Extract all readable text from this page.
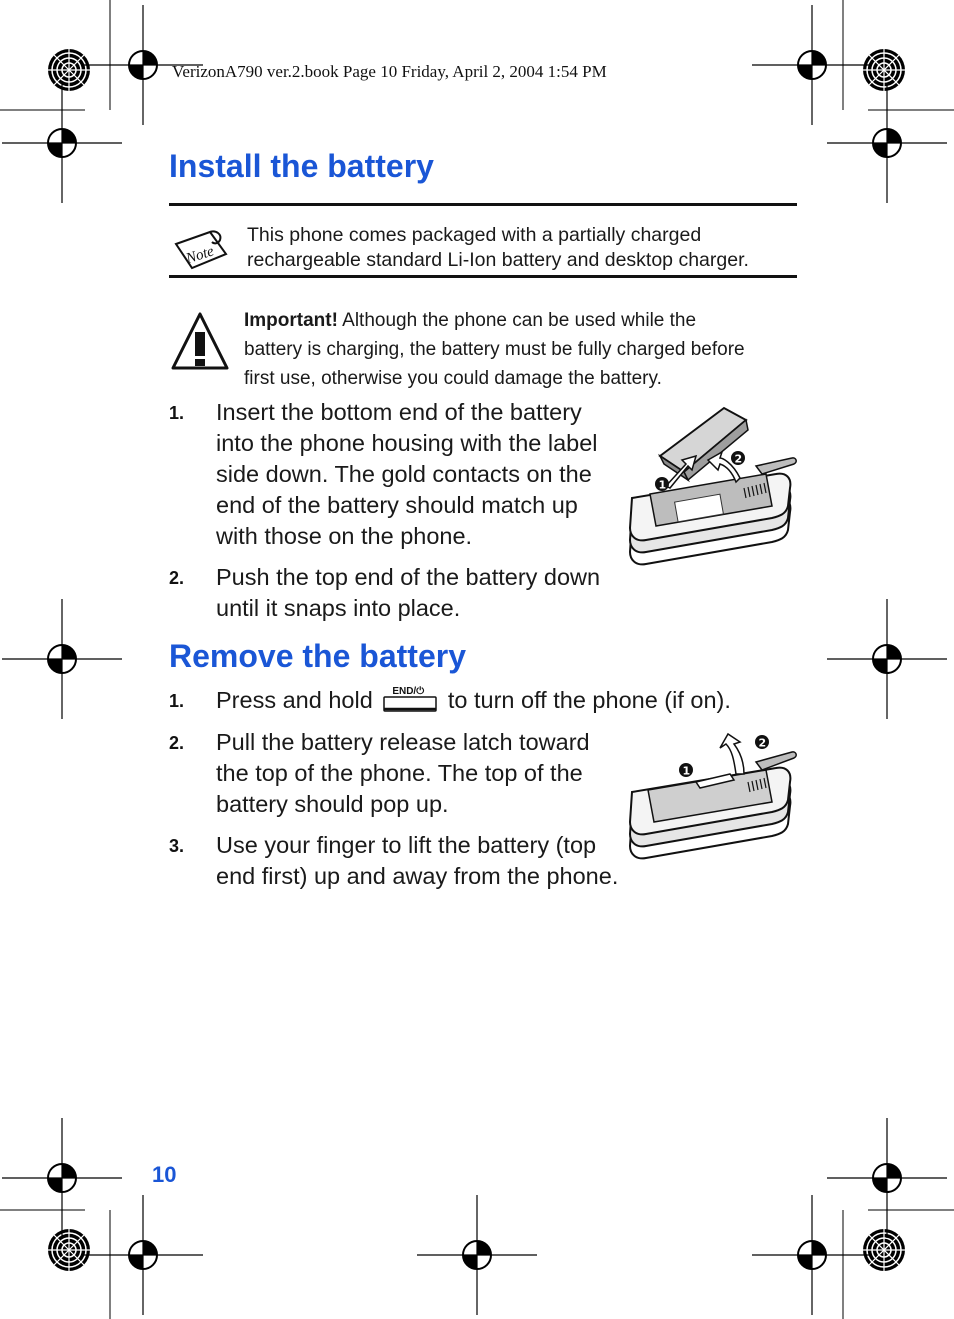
VerizonA790 ver.2.book Page 10 Friday, April 2, 2004 1:54 PM
Install the battery
Note
This phone comes packaged with a partially charged
rechargeable standard Li-Ion battery and desktop charger.
Important! Although the phone can be used while the
battery is charging, the battery must be fully charged before
first use, otherwise you could damage the battery.
1. Insert the bottom end of the battery
into the phone housing with the label
side down. The gold contacts on the
end of the battery should match up
with those on the phone.
2. Push the top end of the battery down
until it snaps into place.
1
2
Remove the battery
1. Press and hold END/⏻ to turn off the phone (if on).
2. Pull the battery release latch toward
the top of the phone. The top of the
battery should pop up.
3. Use your finger to lift the battery (top
end first) up and away from the phone.
1
2
10
